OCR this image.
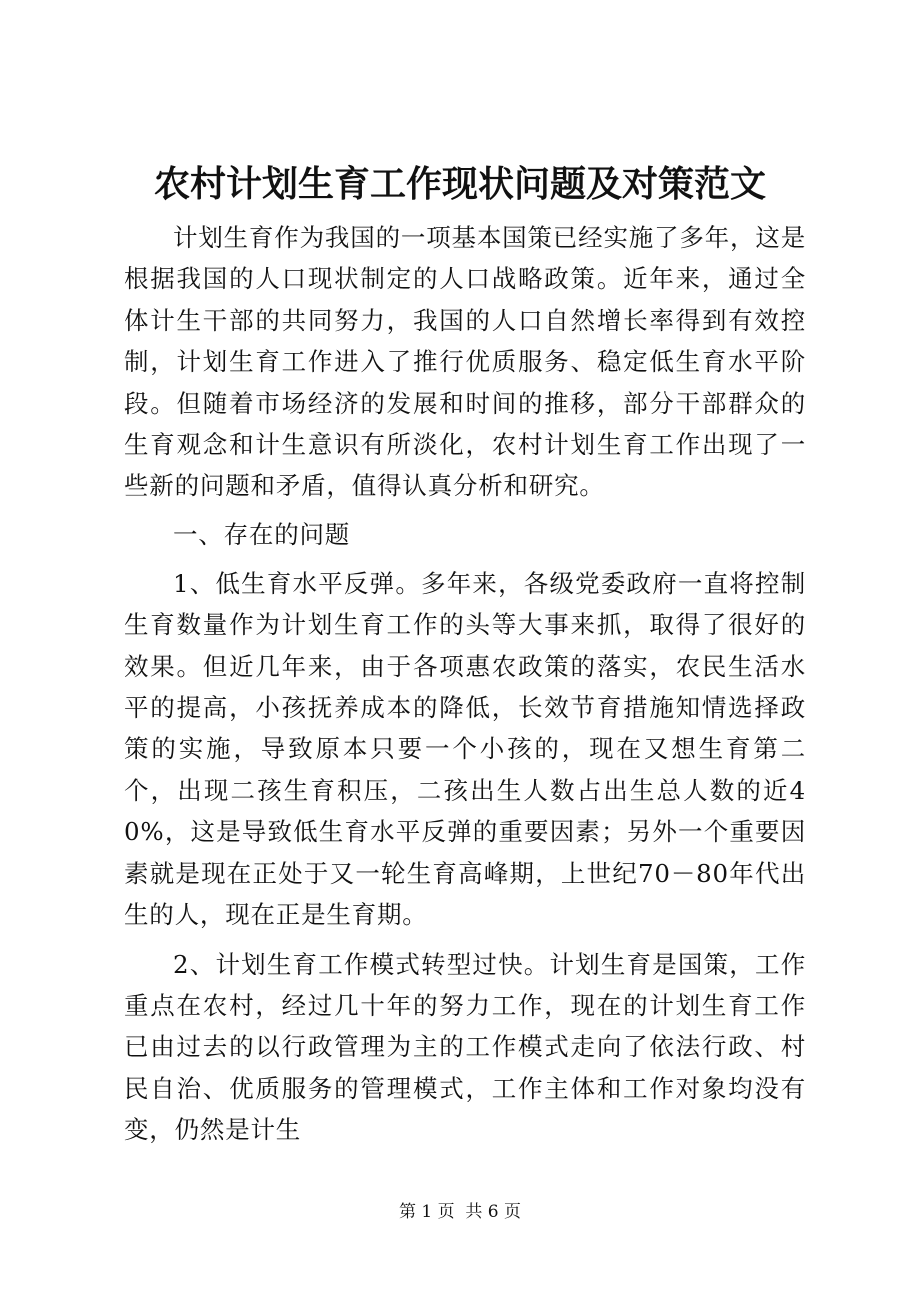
农村计划生育工作现状问题及对策范文

计划生育作为我国的一项基本国策已经实施了多年，这是根据我国的人口现状制定的人口战略政策。近年来，通过全体计生干部的共同努力，我国的人口自然增长率得到有效控制，计划生育工作进入了推行优质服务、稳定低生育水平阶段。但随着市场经济的发展和时间的推移，部分干部群众的生育观念和计生意识有所淡化，农村计划生育工作出现了一些新的问题和矛盾，值得认真分析和研究。

一、存在的问题

1、低生育水平反弹。多年来，各级党委政府一直将控制生育数量作为计划生育工作的头等大事来抓，取得了很好的效果。但近几年来，由于各项惠农政策的落实，农民生活水平的提高，小孩抚养成本的降低，长效节育措施知情选择政策的实施，导致原本只要一个小孩的，现在又想生育第二个，出现二孩生育积压，二孩出生人数占出生总人数的近40%，这是导致低生育水平反弹的重要因素；另外一个重要因素就是现在正处于又一轮生育高峰期，上世纪70－80年代出生的人，现在正是生育期。

2、计划生育工作模式转型过快。计划生育是国策，工作重点在农村，经过几十年的努力工作，现在的计划生育工作已由过去的以行政管理为主的工作模式走向了依法行政、村民自治、优质服务的管理模式，工作主体和工作对象均没有变，仍然是计生

第 1 页  共 6 页
